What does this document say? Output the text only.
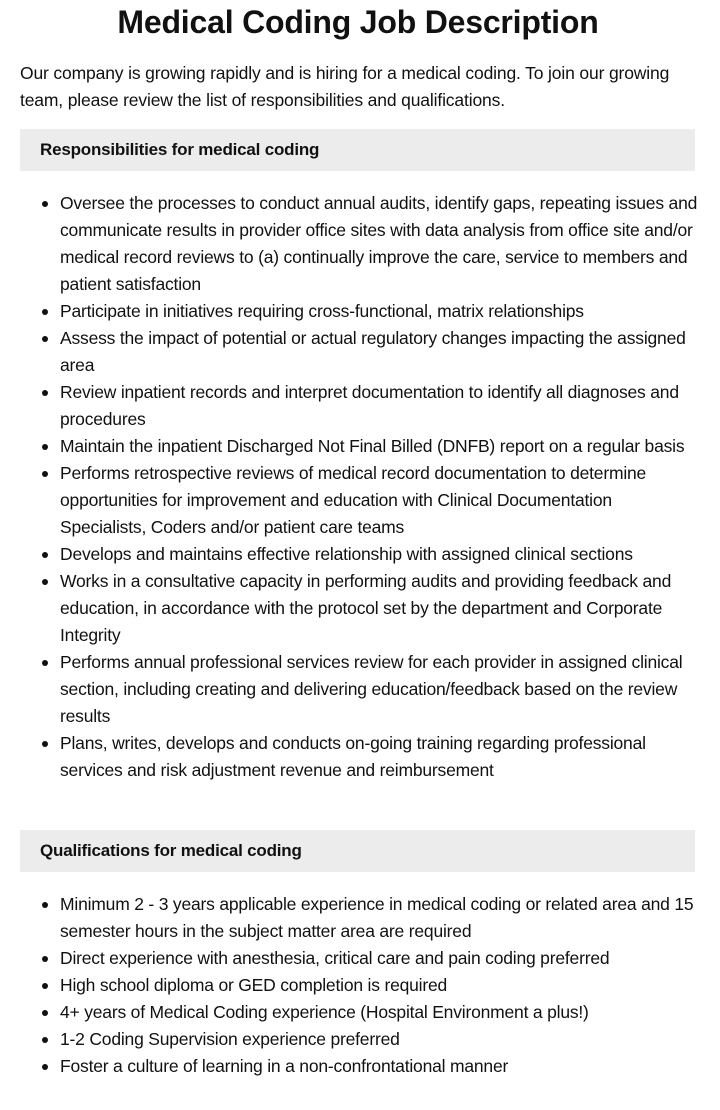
Medical Coding Job Description

Our company is growing rapidly and is hiring for a medical coding. To join our growing team, please review the list of responsibilities and qualifications.

Responsibilities for medical coding
Oversee the processes to conduct annual audits, identify gaps, repeating issues and communicate results in provider office sites with data analysis from office site and/or medical record reviews to (a) continually improve the care, service to members and patient satisfaction
Participate in initiatives requiring cross-functional, matrix relationships
Assess the impact of potential or actual regulatory changes impacting the assigned area
Review inpatient records and interpret documentation to identify all diagnoses and procedures
Maintain the inpatient Discharged Not Final Billed (DNFB) report on a regular basis
Performs retrospective reviews of medical record documentation to determine opportunities for improvement and education with Clinical Documentation Specialists, Coders and/or patient care teams
Develops and maintains effective relationship with assigned clinical sections
Works in a consultative capacity in performing audits and providing feedback and education, in accordance with the protocol set by the department and Corporate Integrity
Performs annual professional services review for each provider in assigned clinical section, including creating and delivering education/feedback based on the review results
Plans, writes, develops and conducts on-going training regarding professional services and risk adjustment revenue and reimbursement
Qualifications for medical coding
Minimum 2 - 3 years applicable experience in medical coding or related area and 15 semester hours in the subject matter area are required
Direct experience with anesthesia, critical care and pain coding preferred
High school diploma or GED completion is required
4+ years of Medical Coding experience (Hospital Environment a plus!)
1-2 Coding Supervision experience preferred
Foster a culture of learning in a non-confrontational manner
